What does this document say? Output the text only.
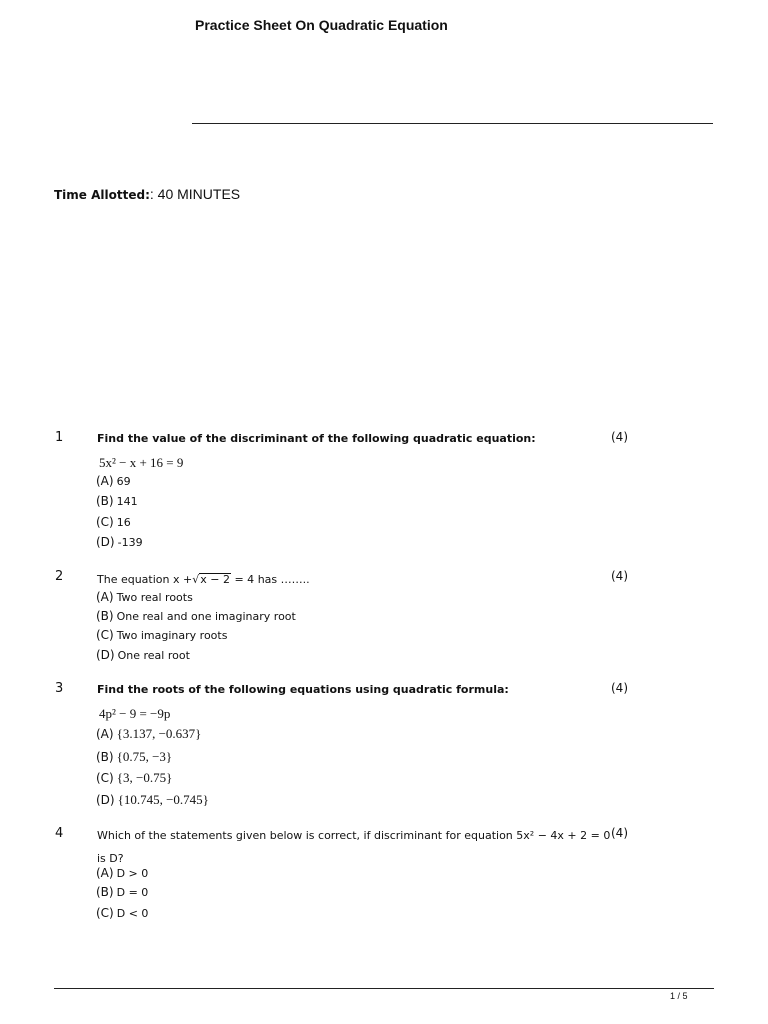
Practice Sheet On Quadratic Equation
Time Allotted:: 40 MINUTES
1	Find the value of the discriminant of the following quadratic equation:	(4)
5x² − x + 16 = 9
(A) 69
(B) 141
(C) 16
(D) -139
2	The equation x +√x − 2 = 4 has ……..	(4)
(A) Two real roots
(B) One real and one imaginary root
(C) Two imaginary roots
(D) One real root
3	Find the roots of the following equations using quadratic formula:	(4)
4p² − 9 = −9p
(A) {3.137, −0.637}
(B) {0.75, −3}
(C) {3, −0.75}
(D) {10.745, −0.745}
4	Which of the statements given below is correct, if discriminant for equation 5x² − 4x + 2 = 0 (4)
is D?
(A) D > 0
(B) D = 0
(C) D < 0
1 / 5
